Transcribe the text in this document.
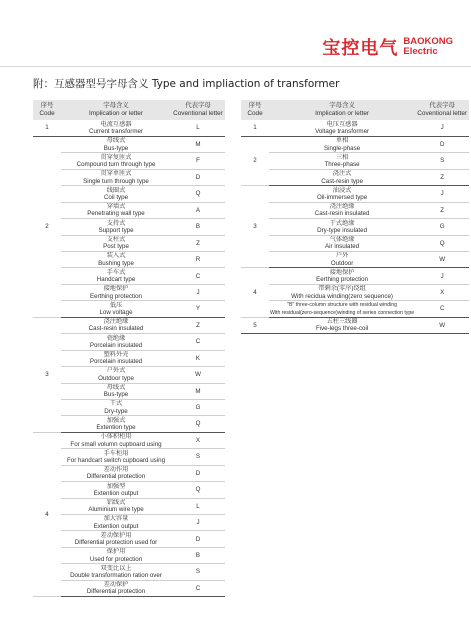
宝控电气 BAOKONG
Electric
附：互感器型号字母含义 Type and impliaction of transformer
序号
Code	字母含义
Implication or letter	代表字母
Coventional letter

1	电流互感器
Current transformer	L
2	母线式
Bus-type	M

	贯穿复匝式
Compound turn through type	F

	贯穿单匝式
Single turn through type	D

	线圈式
Coil type	Q

	穿墙式
Penetrating wall type	A

	支持式
Support type	B

	支柱式
Post type	Z

	装入式
Bushing type	R

	手车式
Handcart type	C

	接地保护
Eerthing protection	J

	低压
Low voltage	Y
3	浇注绝缘
Cast-resin insulated	Z

	瓷绝缘
Porcelain insulated	C

	塑料外壳
Porcelain insulated	K

	户外式
Outdoor type	W

	母线式
Bus-type	M

	干式
Dry-type	G

	加强式
Extention type	Q
4	小体积柜用
For small volumn cupboard using	X

	手车柜用
For handcart switch cupboard using	S

	差动作用
Differential protection	D

	加强型
Extention output	Q

	铝线式
Aluminium wire type	L

	加大容量
Extention output	J

	差动保护用
Differential protection used for	D

	保护用
Used for protection	B

	双变比以上
Double transformation ration over	S

	差动保护
Differential protection	C
序号
Code	字母含义
Implication or letter	代表字母
Coventional letter

1	电压互感器
Voltage transformer	J
2	单相
Single-phase	D

	三相
Three-phase	S

	浇注式
Cast-resin type	Z
3	油浸式
Oil-immersed type	J

	浇注绝缘
Cast-resin insulated	Z

	干式绝缘
Dry-type insulated	G

	气体绝缘
Air insulated	Q

	户外
Outdoor	W
4	接地保护
Eerthing protection	J

	带剩余(零序)绕组
With recidua winding(zero sequence)	X

	"B" three-column structure with residual winding
With residual(zero-sequence)winding of series connection type	C
5	五柱三线圈
Five-legs three-coil	W
